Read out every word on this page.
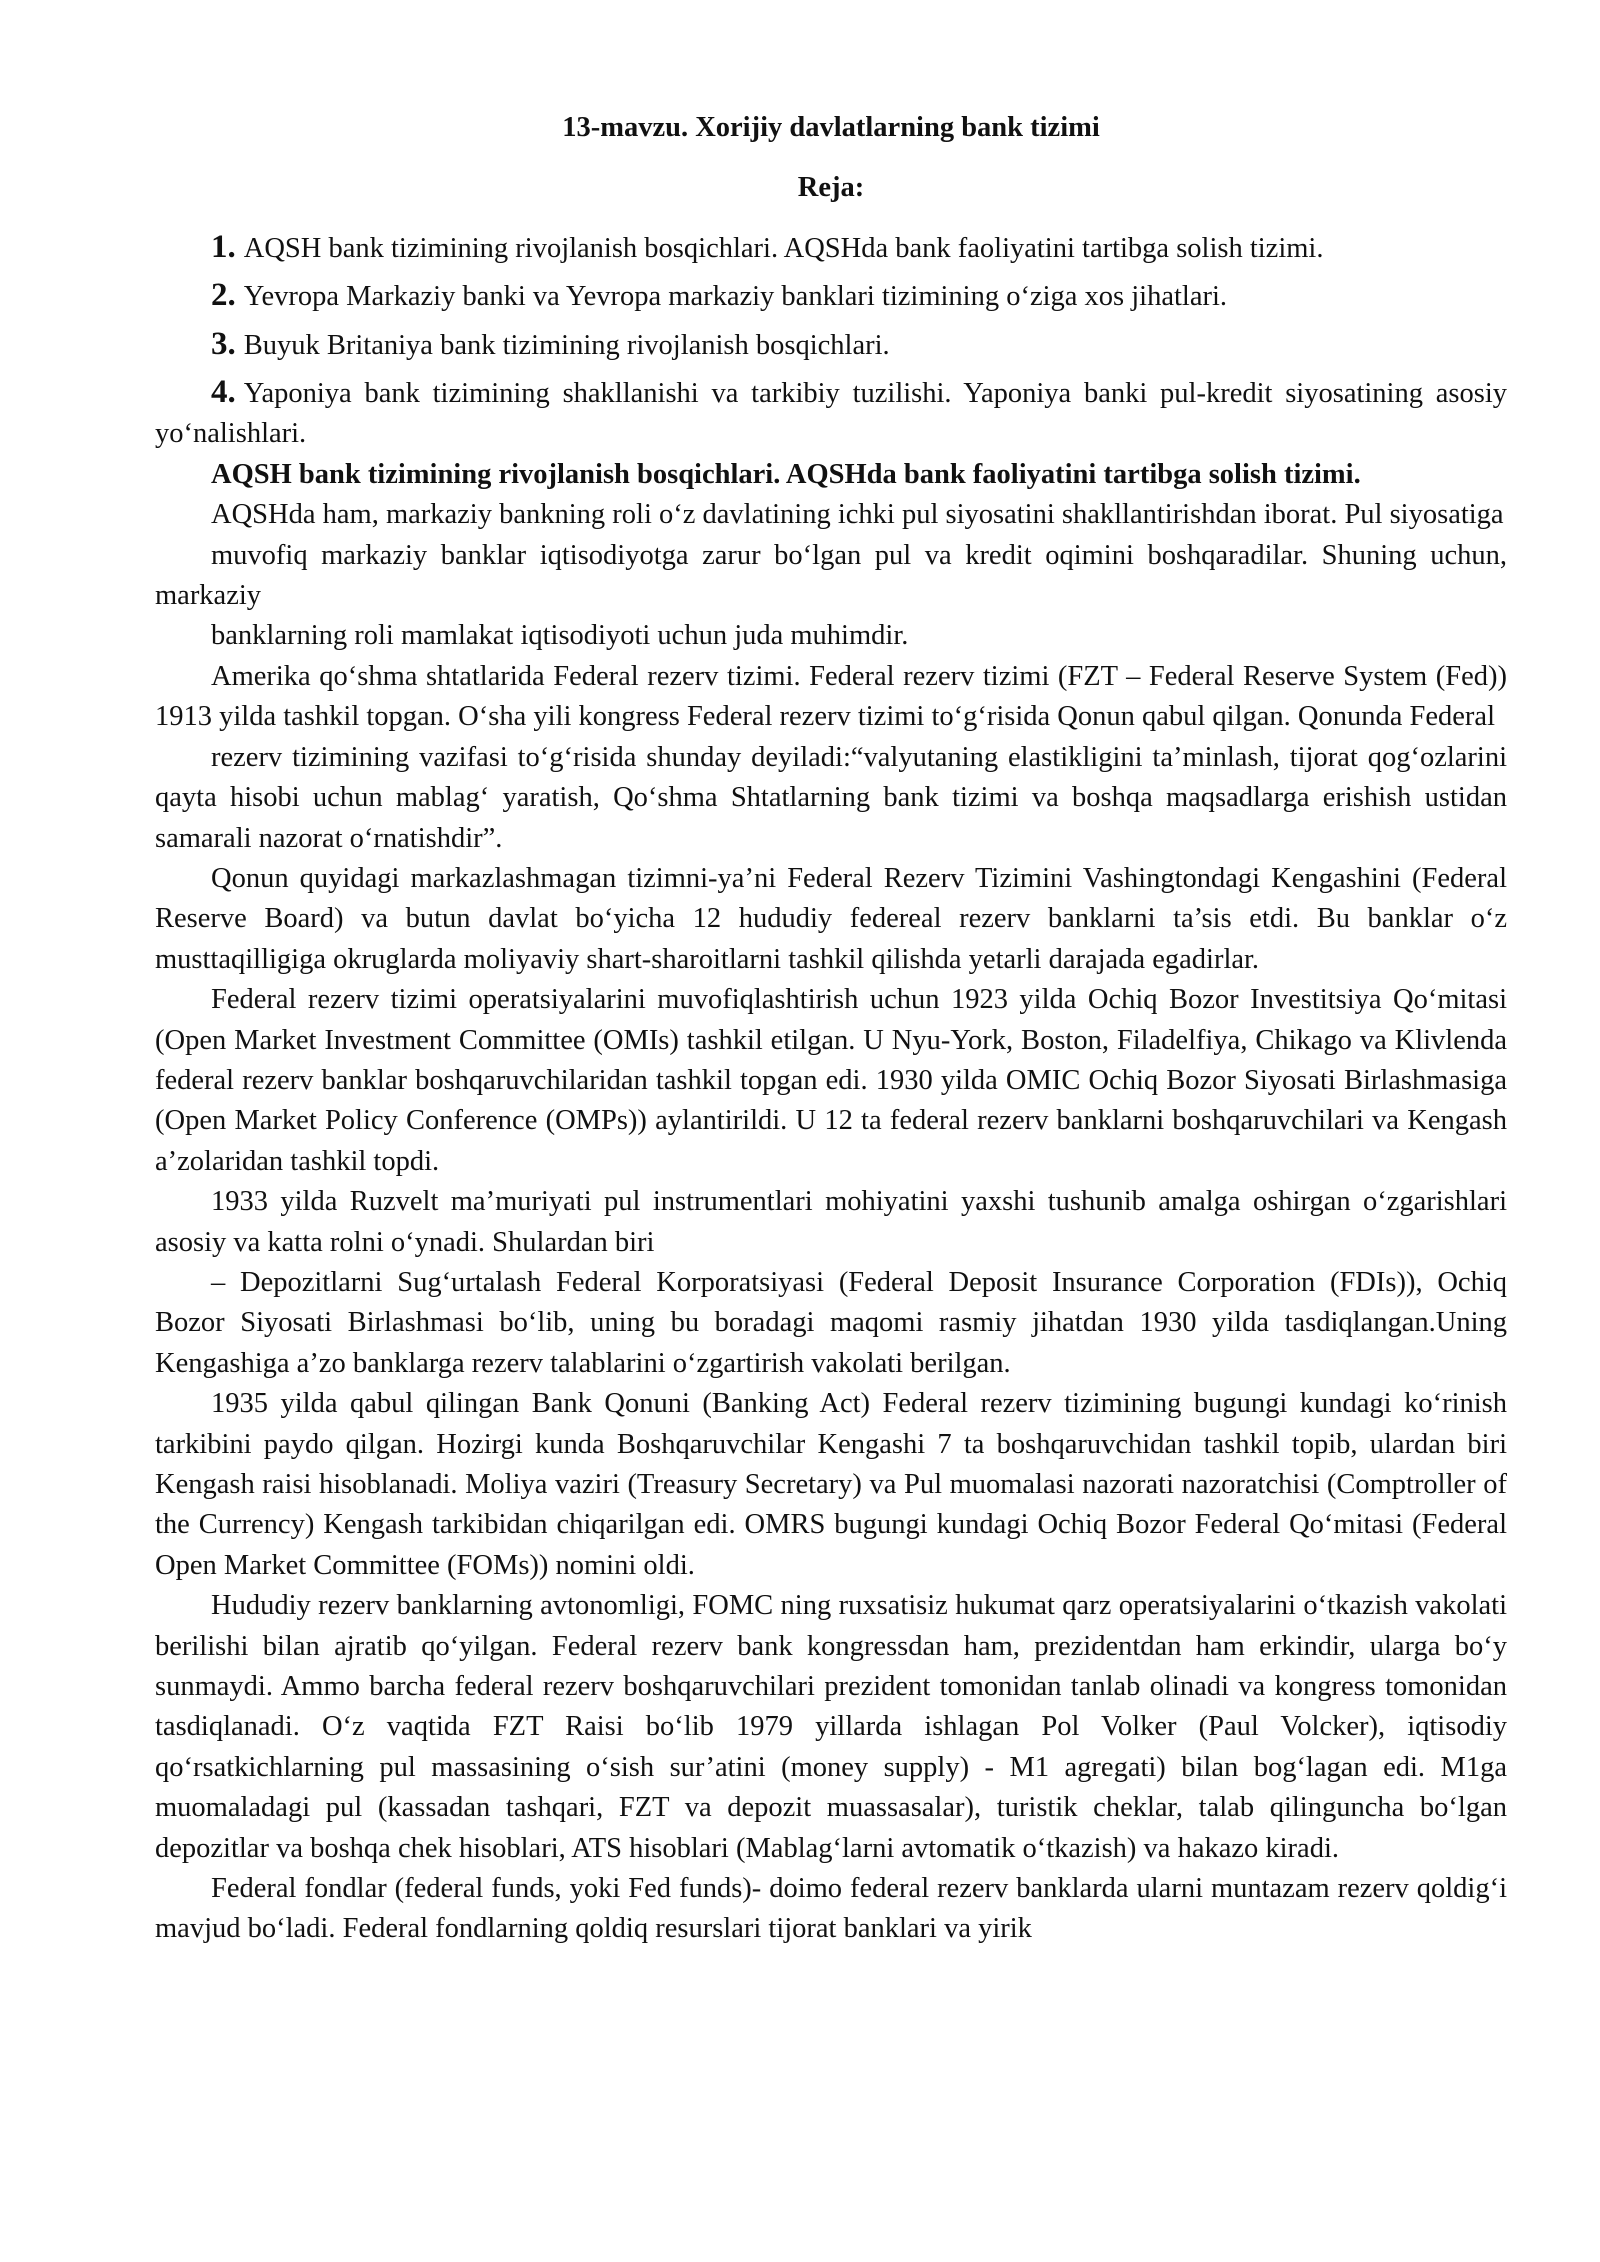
13-mavzu. Xorijiy davlatlarning bank tizimi
Reja:
1. AQSH bank tizimining rivojlanish bosqichlari. AQSHda bank faoliyatini tartibga solish tizimi.
2. Yevropa Markaziy banki va Yevropa markaziy banklari tizimining o‘ziga xos jihatlari.
3. Buyuk Britaniya bank tizimining rivojlanish bosqichlari.
4. Yaponiya bank tizimining shakllanishi va tarkibiy tuzilishi. Yaponiya banki pul-kredit siyosatining asosiy yo‘nalishlari.
AQSH bank tizimining rivojlanish bosqichlari. AQSHda bank faoliyatini tartibga solish tizimi.

AQSHda ham, markaziy bankning roli o‘z davlatining ichki pul siyosatini shakllantirishdan iborat. Pul siyosatiga

muvofiq markaziy banklar iqtisodiyotga zarur bo‘lgan pul va kredit oqimini boshqaradilar. Shuning uchun, markaziy

banklarning roli mamlakat iqtisodiyoti uchun juda muhimdir.

Amerika qo‘shma shtatlarida Federal rezerv tizimi. Federal rezerv tizimi (FZT – Federal Reserve System (Fed)) 1913 yilda tashkil topgan. O‘sha yili kongress Federal rezerv tizimi to‘g‘risida Qonun qabul qilgan. Qonunda Federal

rezerv tizimining vazifasi to‘g‘risida shunday deyiladi:“valyutaning elastikligini ta’minlash, tijorat qog‘ozlarini qayta hisobi uchun mablag‘ yaratish, Qo‘shma Shtatlarning bank tizimi va boshqa maqsadlarga erishish ustidan samarali nazorat o‘rnatishdir”.

Qonun quyidagi markazlashmagan tizimni-ya’ni Federal Rezerv Tizimini Vashingtondagi Kengashini (Federal Reserve Board) va butun davlat bo‘yicha 12 hududiy federeal rezerv banklarni ta’sis etdi. Bu banklar o‘z musttaqilligiga okruglarda moliyaviy shart-sharoitlarni tashkil qilishda yetarli darajada egadirlar.

Federal rezerv tizimi operatsiyalarini muvofiqlashtirish uchun 1923 yilda Ochiq Bozor Investitsiya Qo‘mitasi (Open Market Investment Committee (OMIs) tashkil etilgan. U Nyu-York, Boston, Filadelfiya, Chikago va Klivlenda federal rezerv banklar boshqaruvchilaridan tashkil topgan edi. 1930 yilda OMIC Ochiq Bozor Siyosati Birlashmasiga (Open Market Policy Conference (OMPs)) aylantirildi. U 12 ta federal rezerv banklarni boshqaruvchilari va Kengash a’zolaridan tashkil topdi.

1933 yilda Ruzvelt ma’muriyati pul instrumentlari mohiyatini yaxshi tushunib amalga oshirgan o‘zgarishlari asosiy va katta rolni o‘ynadi. Shulardan biri

– Depozitlarni Sug‘urtalash Federal Korporatsiyasi (Federal Deposit Insurance Corporation (FDIs)), Ochiq Bozor Siyosati Birlashmasi bo‘lib, uning bu boradagi maqomi rasmiy jihatdan 1930 yilda tasdiqlangan.Uning Kengashiga a’zo banklarga rezerv talablarini o‘zgartirish vakolati berilgan.

1935 yilda qabul qilingan Bank Qonuni (Banking Act) Federal rezerv tizimining bugungi kundagi ko‘rinish tarkibini paydo qilgan. Hozirgi kunda Boshqaruvchilar Kengashi 7 ta boshqaruvchidan tashkil topib, ulardan biri Kengash raisi hisoblanadi. Moliya vaziri (Treasury Secretary) va Pul muomalasi nazorati nazoratchisi (Comptroller of the Currency) Kengash tarkibidan chiqarilgan edi. OMRS bugungi kundagi Ochiq Bozor Federal Qo‘mitasi (Federal Open Market Committee (FOMs)) nomini oldi.

Hududiy rezerv banklarning avtonomligi, FOMC ning ruxsatisiz hukumat qarz operatsiyalarini o‘tkazish vakolati berilishi bilan ajratib qo‘yilgan. Federal rezerv bank kongressdan ham, prezidentdan ham erkindir, ularga bo‘y sunmaydi. Ammo barcha federal rezerv boshqaruvchilari prezident tomonidan tanlab olinadi va kongress tomonidan tasdiqlanadi. O‘z vaqtida FZT Raisi bo‘lib 1979 yillarda ishlagan Pol Volker (Paul Volcker), iqtisodiy qo‘rsatkichlarning pul massasining o‘sish sur’atini (money supply) - M1 agregati) bilan bog‘lagan edi. M1ga muomaladagi pul (kassadan tashqari, FZT va depozit muassasalar), turistik cheklar, talab qilinguncha bo‘lgan depozitlar va boshqa chek hisoblari, ATS hisoblari (Mablag‘larni avtomatik o‘tkazish) va hakazo kiradi.

Federal fondlar (federal funds, yoki Fed funds)- doimo federal rezerv banklarda ularni muntazam rezerv qoldig‘i mavjud bo‘ladi. Federal fondlarning qoldiq resurslari tijorat banklari va yirik
